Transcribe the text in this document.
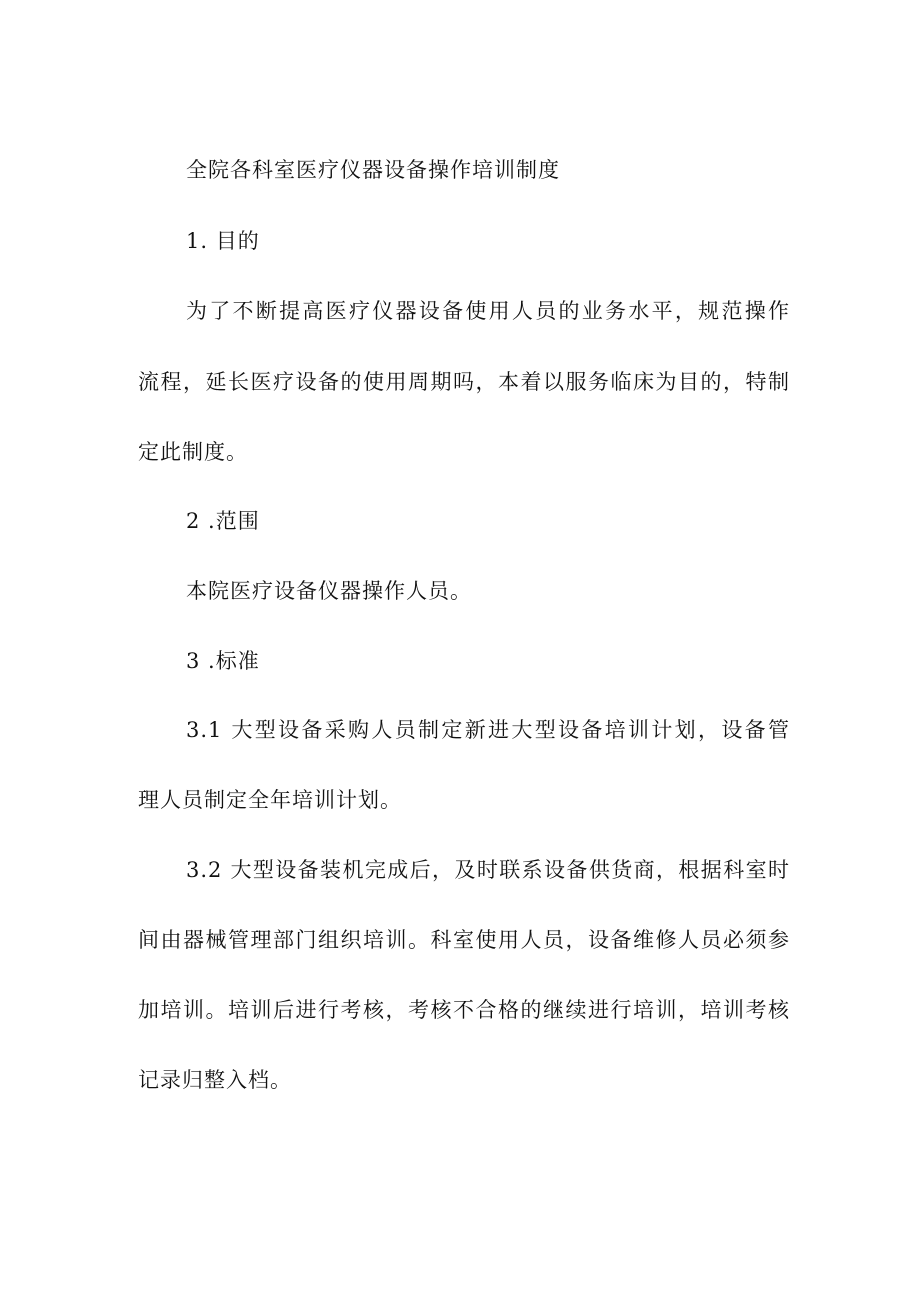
全院各科室医疗仪器设备操作培训制度
1. 目的
为了不断提高医疗仪器设备使用人员的业务水平，规范操作
流程，延长医疗设备的使用周期吗，本着以服务临床为目的，特制
定此制度。
2 .范围
本院医疗设备仪器操作人员。
3 .标准
3.1 大型设备采购人员制定新进大型设备培训计划，设备管
理人员制定全年培训计划。
3.2 大型设备装机完成后，及时联系设备供货商，根据科室时
间由器械管理部门组织培训。科室使用人员，设备维修人员必须参
加培训。培训后进行考核，考核不合格的继续进行培训，培训考核
记录归整入档。
